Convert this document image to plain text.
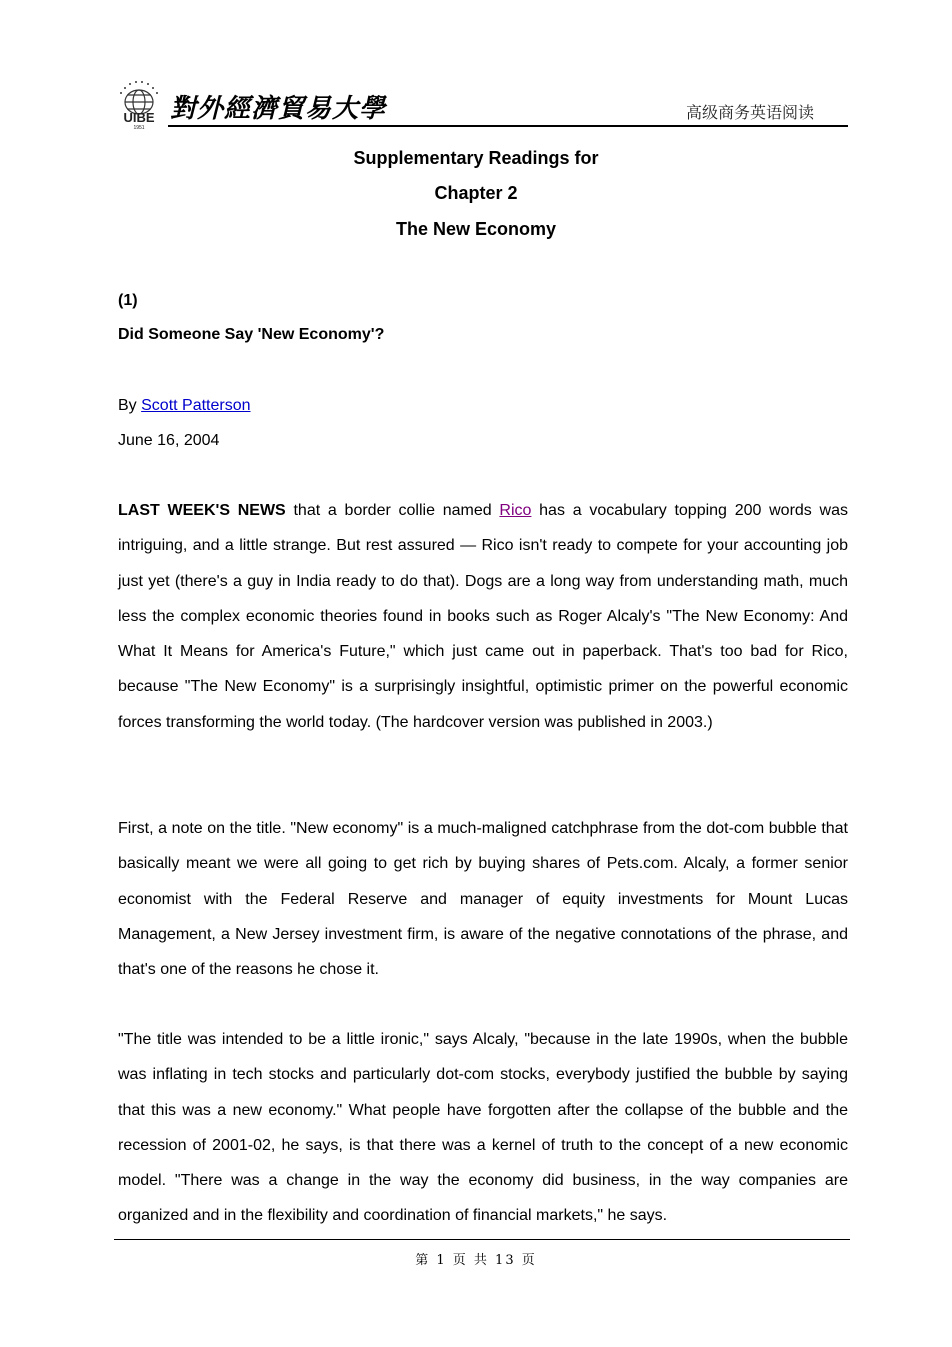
UIBE
1951
對外經濟貿易大學	高级商务英语阅读
Supplementary Readings for
Chapter 2
The New Economy
(1)
Did Someone Say 'New Economy'?
By Scott Patterson
June 16, 2004
LAST WEEK'S NEWS that a border collie named Rico has a vocabulary topping 200 words was intriguing, and a little strange. But rest assured — Rico isn't ready to compete for your accounting job just yet (there's a guy in India ready to do that). Dogs are a long way from understanding math, much less the complex economic theories found in books such as Roger Alcaly's "The New Economy: And What It Means for America's Future," which just came out in paperback. That's too bad for Rico, because "The New Economy" is a surprisingly insightful, optimistic primer on the powerful economic forces transforming the world today. (The hardcover version was published in 2003.)
First, a note on the title. "New economy" is a much-maligned catchphrase from the dot-com bubble that basically meant we were all going to get rich by buying shares of Pets.com. Alcaly, a former senior economist with the Federal Reserve and manager of equity investments for Mount Lucas Management, a New Jersey investment firm, is aware of the negative connotations of the phrase, and that's one of the reasons he chose it.
"The title was intended to be a little ironic," says Alcaly, "because in the late 1990s, when the bubble was inflating in tech stocks and particularly dot-com stocks, everybody justified the bubble by saying that this was a new economy." What people have forgotten after the collapse of the bubble and the recession of 2001-02, he says, is that there was a kernel of truth to the concept of a new economic model. "There was a change in the way the economy did business, in the way companies are organized and in the flexibility and coordination of financial markets," he says.
第 1 页 共 13 页
